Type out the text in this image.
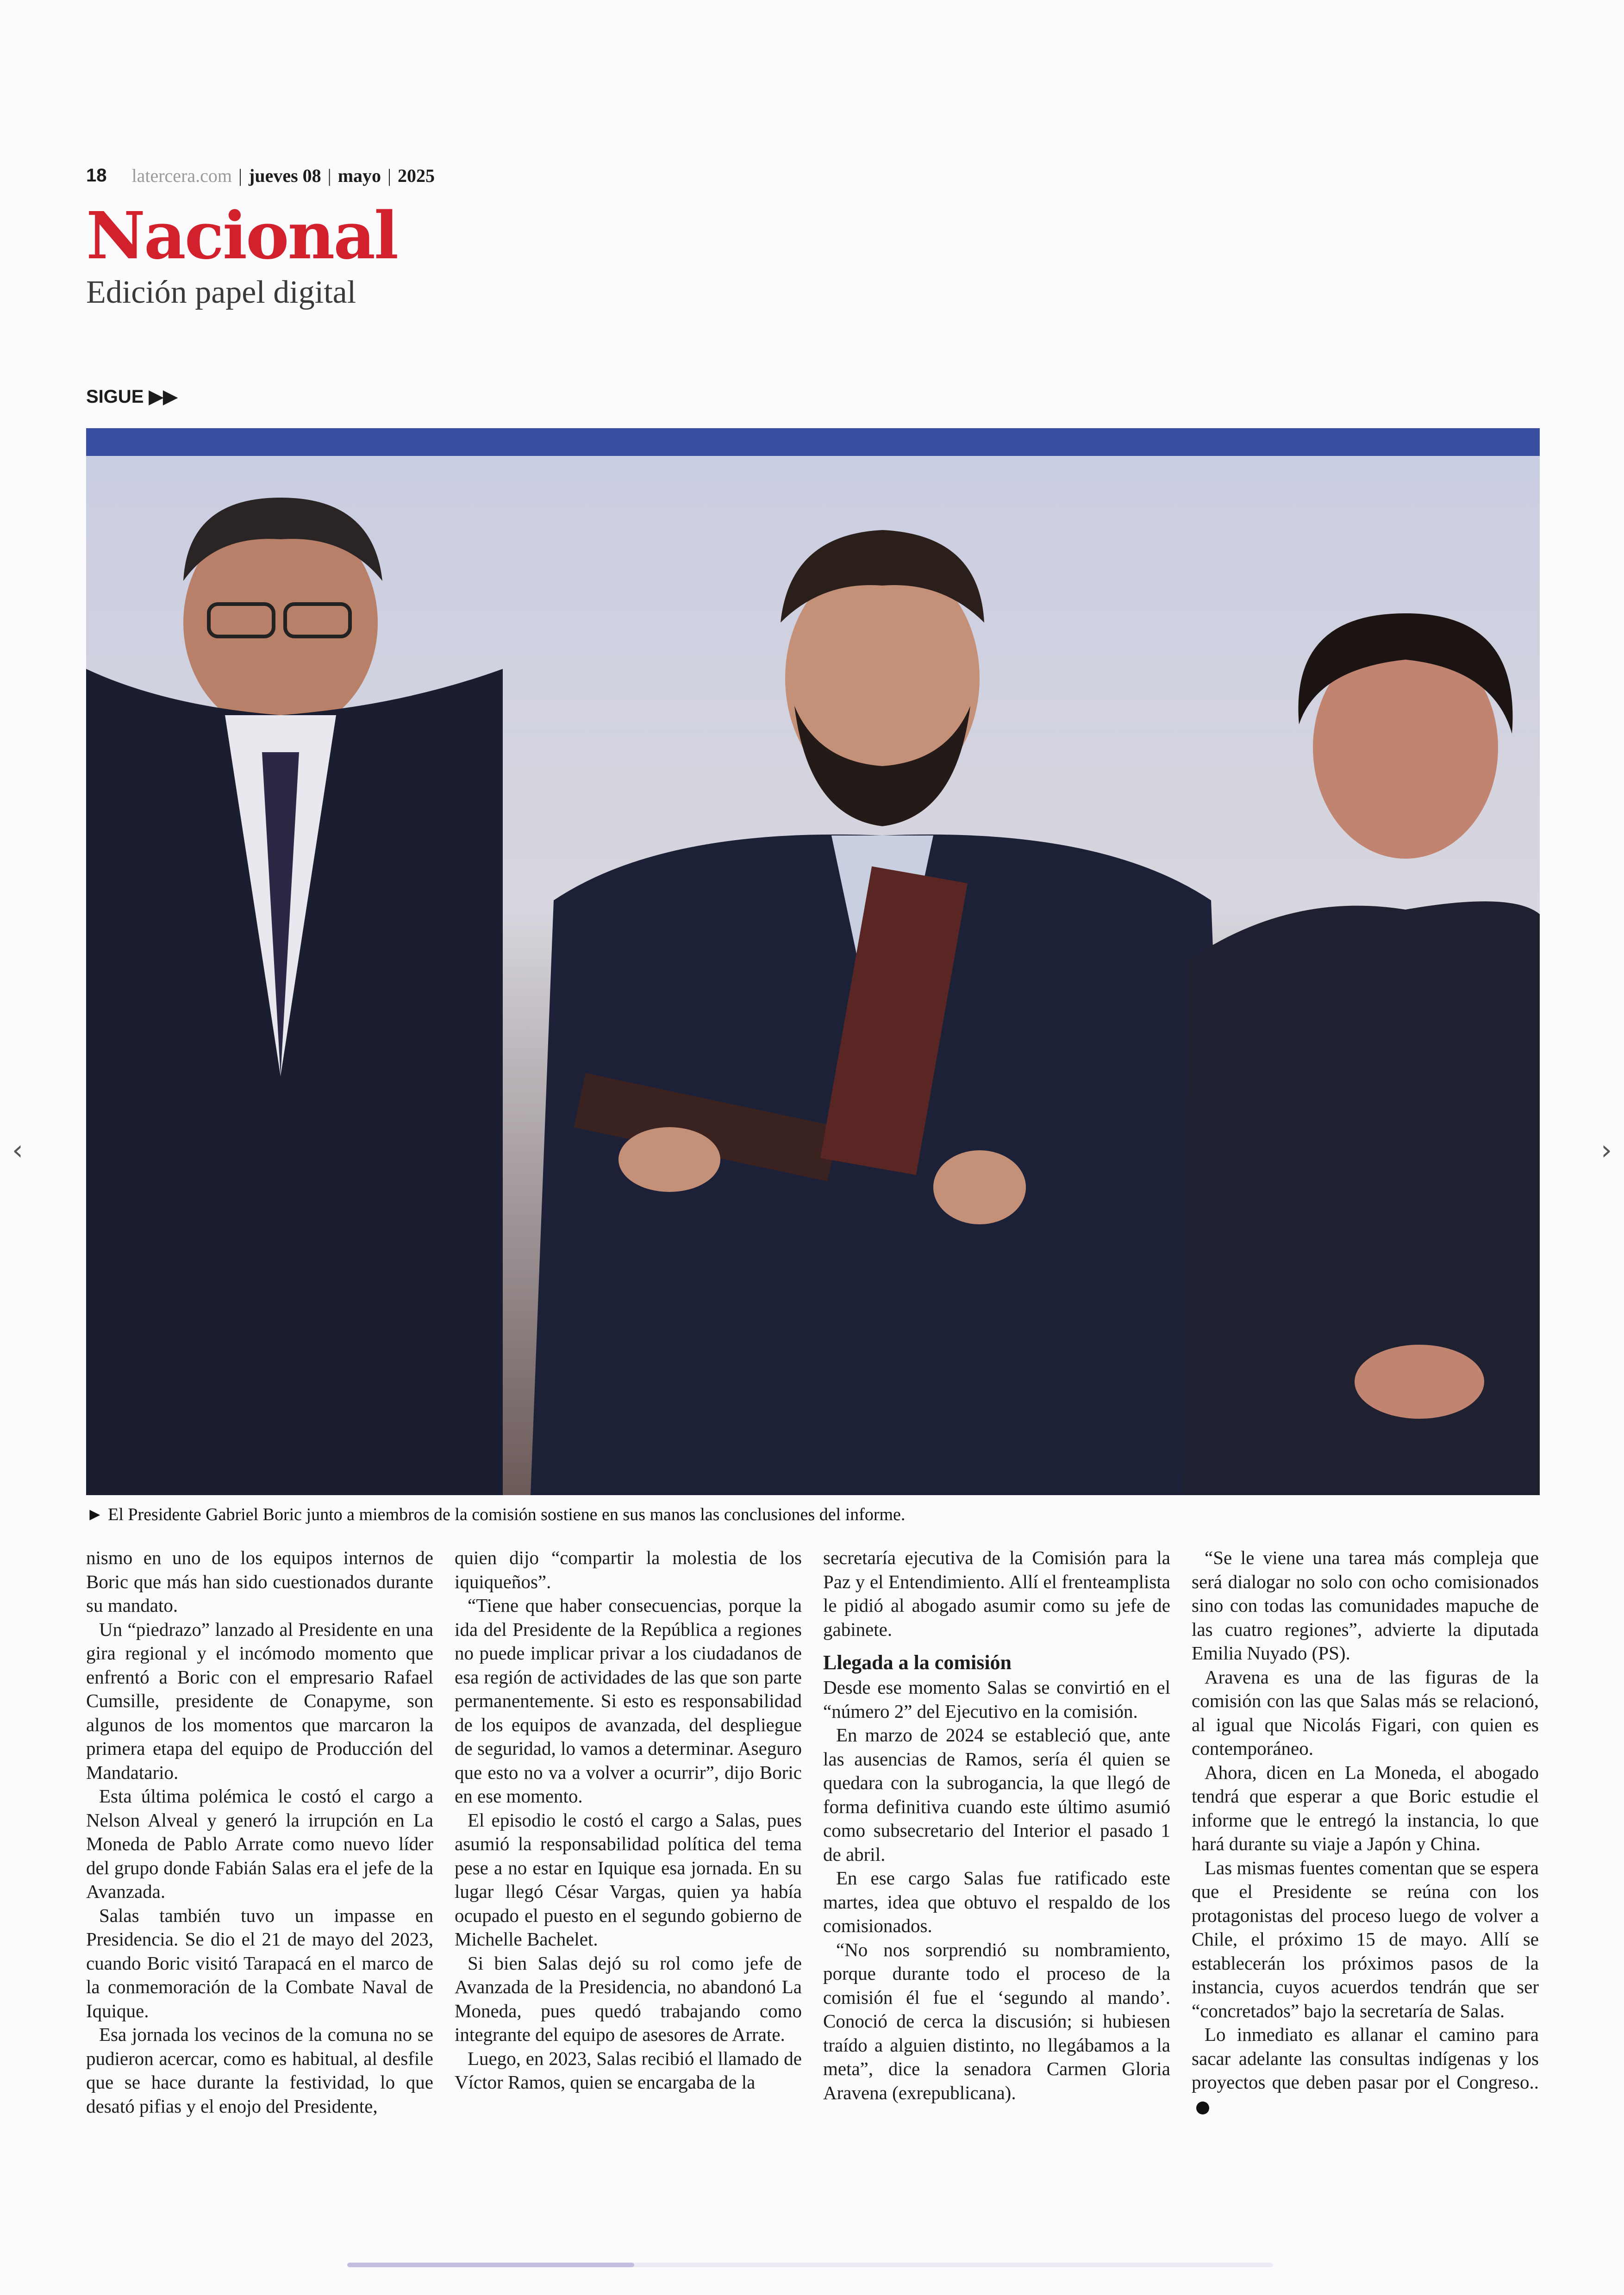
18 latercera.com | jueves 08 | mayo | 2025
Nacional
Edición papel digital
SIGUE ▶▶
► El Presidente Gabriel Boric junto a miembros de la comisión sostiene en sus manos las conclusiones del informe.
‹	›

nismo en uno de los equipos internos de Boric que más han sido cuestionados durante su mandato.

Un “piedrazo” lanzado al Presidente en una gira regional y el incómodo momento que enfrentó a Boric con el empresario Rafael Cumsille, presidente de Conapyme, son algunos de los momentos que marcaron la primera etapa del equipo de Producción del Mandatario.

Esta última polémica le costó el cargo a Nelson Alveal y generó la irrupción en La Moneda de Pablo Arrate como nuevo líder del grupo donde Fabián Salas era el jefe de la Avanzada.

Salas también tuvo un impasse en Presidencia. Se dio el 21 de mayo del 2023, cuando Boric visitó Tarapacá en el marco de la conmemoración de la Combate Naval de Iquique.

Esa jornada los vecinos de la comuna no se pudieron acercar, como es habitual, al desfile que se hace durante la festividad, lo que desató pifias y el enojo del Presidente,

quien dijo “compartir la molestia de los iquiqueños”.

“Tiene que haber consecuencias, porque la ida del Presidente de la República a regiones no puede implicar privar a los ciudadanos de esa región de actividades de las que son parte permanentemente. Si esto es responsabilidad de los equipos de avanzada, del despliegue de seguridad, lo vamos a determinar. Aseguro que esto no va a volver a ocurrir”, dijo Boric en ese momento.

El episodio le costó el cargo a Salas, pues asumió la responsabilidad política del tema pese a no estar en Iquique esa jornada. En su lugar llegó César Vargas, quien ya había ocupado el puesto en el segundo gobierno de Michelle Bachelet.

Si bien Salas dejó su rol como jefe de Avanzada de la Presidencia, no abandonó La Moneda, pues quedó trabajando como integrante del equipo de asesores de Arrate.

Luego, en 2023, Salas recibió el llamado de Víctor Ramos, quien se encargaba de la

secretaría ejecutiva de la Comisión para la Paz y el Entendimiento. Allí el frenteamplista le pidió al abogado asumir como su jefe de gabinete.

Llegada a la comisión

Desde ese momento Salas se convirtió en el “número 2” del Ejecutivo en la comisión.

En marzo de 2024 se estableció que, ante las ausencias de Ramos, sería él quien se quedara con la subrogancia, la que llegó de forma definitiva cuando este último asumió como subsecretario del Interior el pasado 1 de abril.

En ese cargo Salas fue ratificado este martes, idea que obtuvo el respaldo de los comisionados.

“No nos sorprendió su nombramiento, porque durante todo el proceso de la comisión él fue el ‘segundo al mando’. Conoció de cerca la discusión; si hubiesen traído a alguien distinto, no llegábamos a la meta”, dice la senadora Carmen Gloria Aravena (exrepublicana).

“Se le viene una tarea más compleja que será dialogar no solo con ocho comisionados sino con todas las comunidades mapuche de las cuatro regiones”, advierte la diputada Emilia Nuyado (PS).

Aravena es una de las figuras de la comisión con las que Salas más se relacionó, al igual que Nicolás Figari, con quien es contemporáneo.

Ahora, dicen en La Moneda, el abogado tendrá que esperar a que Boric estudie el informe que le entregó la instancia, lo que hará durante su viaje a Japón y China.

Las mismas fuentes comentan que se espera que el Presidente se reúna con los protagonistas del proceso luego de volver a Chile, el próximo 15 de mayo. Allí se establecerán los próximos pasos de la instancia, cuyos acuerdos tendrán que ser “concretados” bajo la secretaría de Salas.

Lo inmediato es allanar el camino para sacar adelante las consultas indígenas y los proyectos que deben pasar por el Congreso..
